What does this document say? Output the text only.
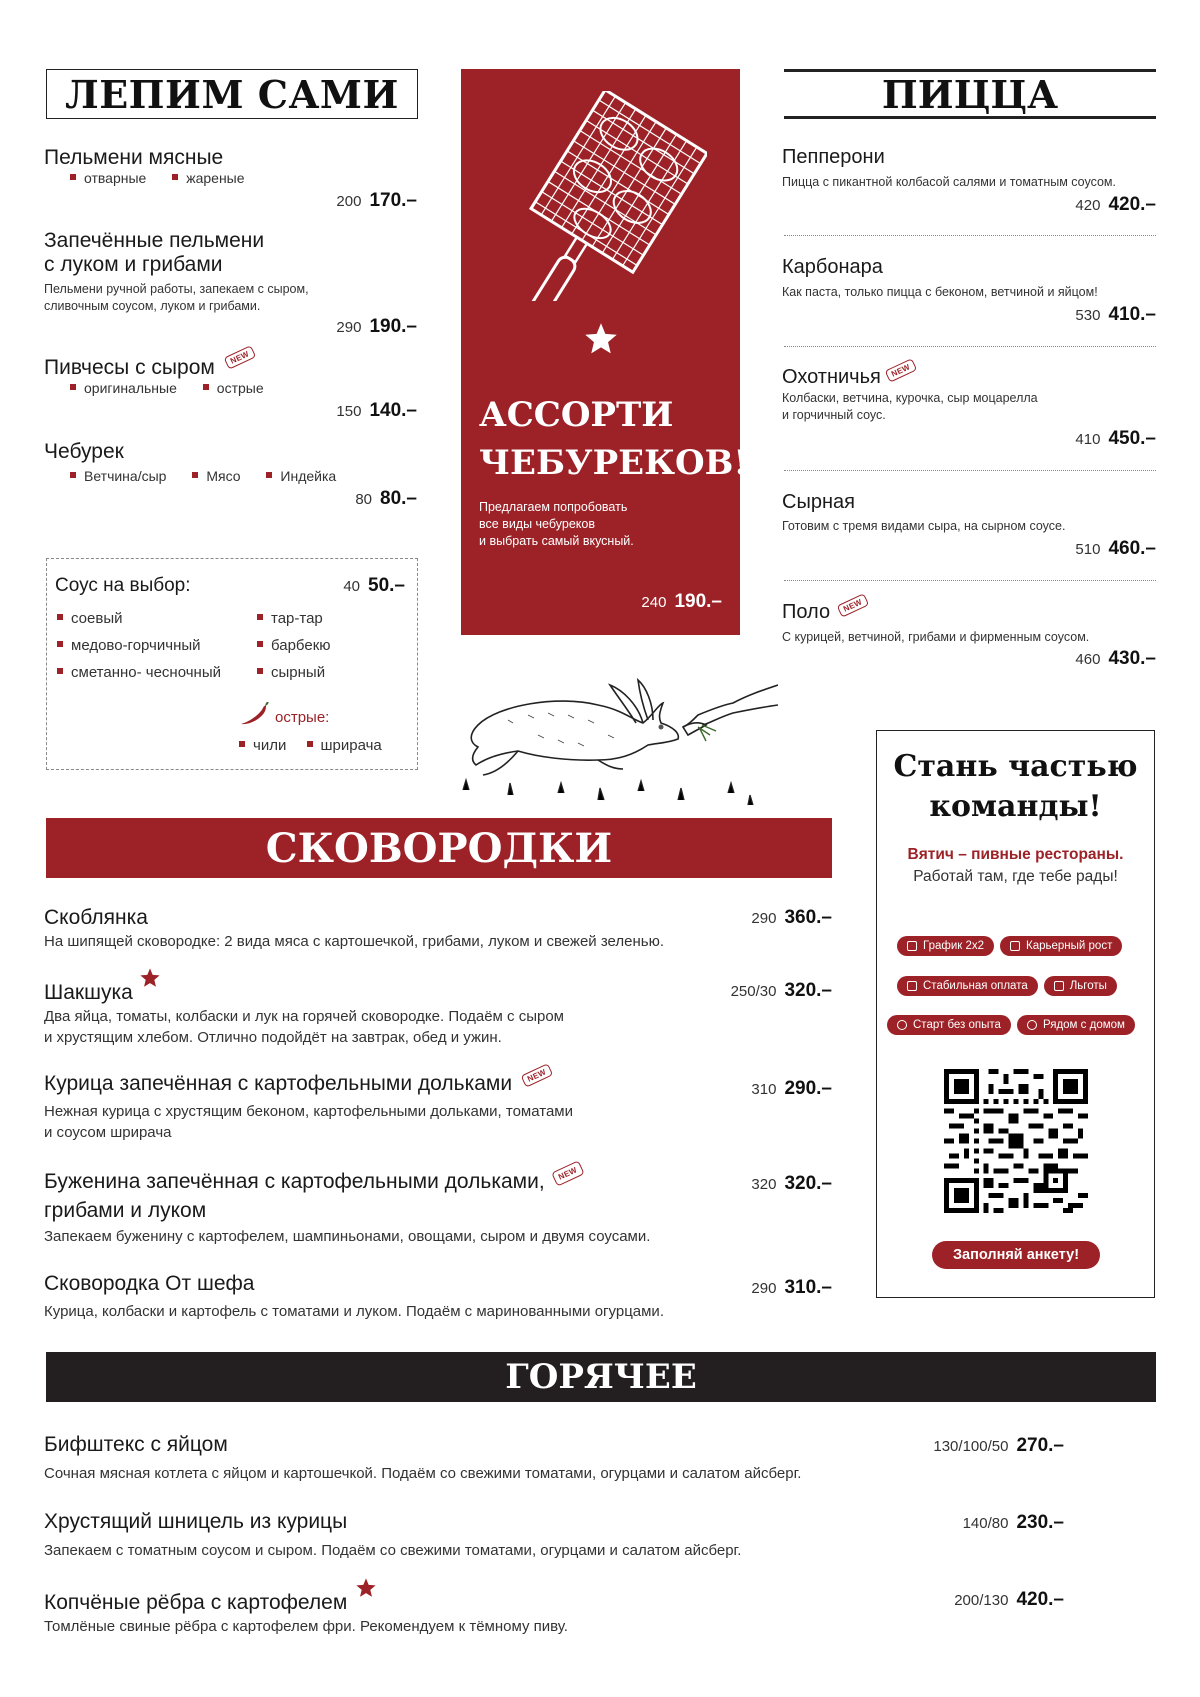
ЛЕПИМ САМИ
Пельмени мясные
отварные	жареные
200 170.–
Запечённые пельмени
с луком и грибами
Пельмени ручной работы, запекаем с сыром,
сливочным соусом, луком и грибами.
290 190.–
Пивчесы с сыром NEW
оригинальные	острые
150 140.–
Чебурек
Ветчина/сыр	Мясо	Индейка
80 80.–
Соус на выбор:	40 50.–
соевый
медово-горчичный
сметанно- чесночный
тар-тар
барбекю
сырный
острые:
чили шрирача
АССОРТИ
ЧЕБУРЕКОВ!
Предлагаем попробовать
все виды чебуреков
и выбрать самый вкусный.
240 190.–
ПИЦЦА
Пепперони
Пицца с пикантной колбасой салями и томатным соусом.
420 420.–
Карбонара
Как паста, только пицца с беконом, ветчиной и яйцом!
530 410.–
Охотничья NEW
Колбаски, ветчина, курочка, сыр моцарелла
и горчичный соус.
410 450.–
Сырная
Готовим с тремя видами сыра, на сырном соусе.
510 460.–
Поло NEW
С курицей, ветчиной, грибами и фирменным соусом.
460 430.–
Стань частью
команды!
Вятич – пивные рестораны.
Работай там, где тебе рады!
График 2х2	Карьерный рост
Стабильная оплата	Льготы
Старт без опыта	Рядом с домом
Заполняй анкету!
СКОВОРОДКИ
Скоблянка
На шипящей сковородке: 2 вида мяса с картошечкой, грибами, луком и свежей зеленью.
290 360.–
Шакшука
Два яйца, томаты, колбаски и лук на горячей сковородке. Подаём с сыром
и хрустящим хлебом. Отлично подойдёт на завтрак, обед и ужин.
250/30 320.–
Курица запечённая с картофельными дольками NEW
Нежная курица с хрустящим беконом, картофельными дольками, томатами
и соусом шрирача
310 290.–
Буженина запечённая с картофельными дольками, NEW
грибами и луком
Запекаем буженину с картофелем, шампиньонами, овощами, сыром и двумя соусами.
320 320.–
Сковородка От шефа
Курица, колбаски и картофель с томатами и луком. Подаём с маринованными огурцами.
290 310.–
ГОРЯЧЕЕ
Бифштекс с яйцом
Сочная мясная котлета с яйцом и картошечкой. Подаём со свежими томатами, огурцами и салатом айсберг.
130/100/50 270.–
Хрустящий шницель из курицы
Запекаем с томатным соусом и сыром. Подаём со свежими томатами, огурцами и салатом айсберг.
140/80 230.–
Копчёные рёбра с картофелем
Томлёные свиные рёбра с картофелем фри. Рекомендуем к тёмному пиву.
200/130 420.–
